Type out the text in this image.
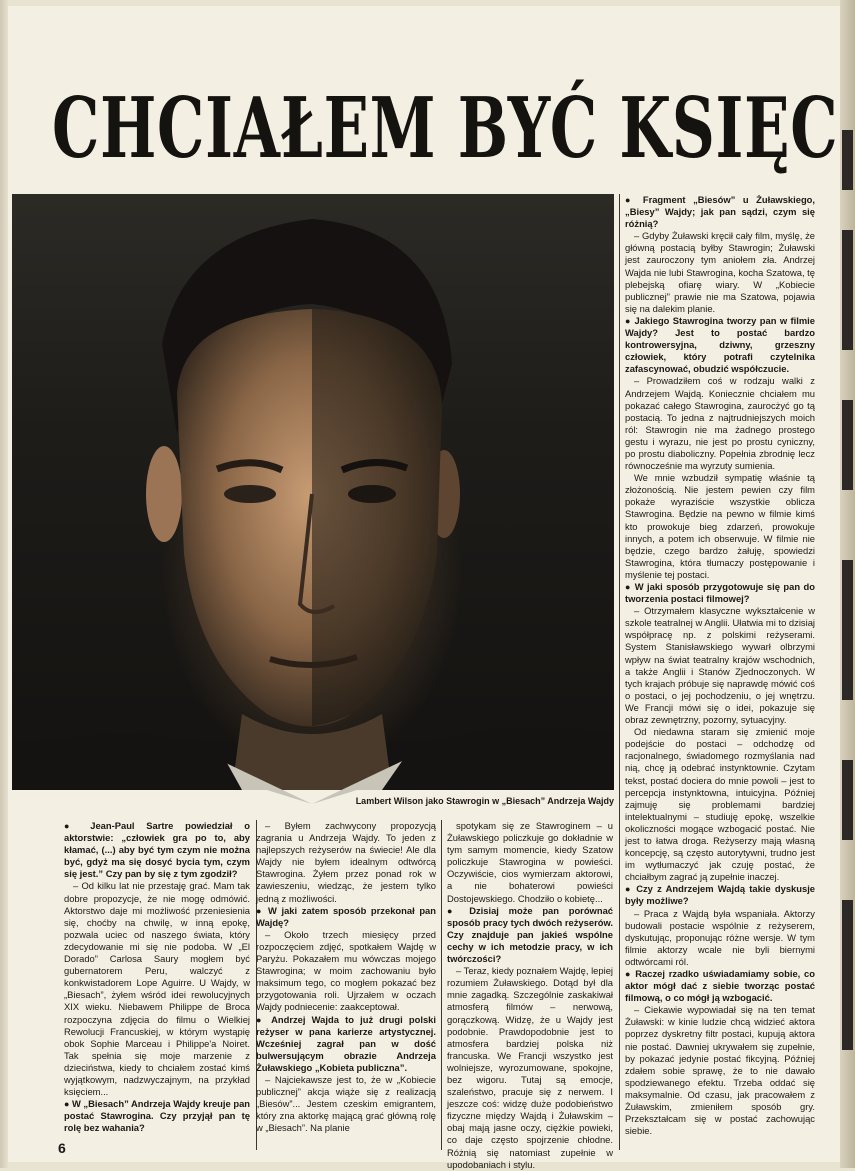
CHCIAŁEM BYĆ KSIĘC
Lambert Wilson jako Stawrogin w „Biesach” Andrzeja Wajdy

● Jean-Paul Sartre powiedział o aktorstwie: „człowiek gra po to, aby kłamać, (...) aby być tym czym nie można być, gdyż ma się dosyć bycia tym, czym się jest.” Czy pan by się z tym zgodził?

– Od kilku lat nie przestaję grać. Mam tak dobre propozycje, że nie mogę odmówić. Aktorstwo daje mi możliwość przeniesienia się, choćby na chwilę, w inną epokę, pozwala uciec od naszego świata, który zdecydowanie mi się nie podoba. W „El Dorado” Carlosa Saury mogłem być gubernatorem Peru, walczyć z konkwistadorem Lope Aguirre. U Wajdy, w „Biesach”, żyłem wśród idei rewolucyjnych XIX wieku. Niebawem Philippe de Broca rozpoczyna zdjęcia do filmu o Wielkiej Rewolucji Francuskiej, w którym wystąpię obok Sophie Marceau i Philippe'a Noiret. Tak spełnia się moje marzenie z dzieciństwa, kiedy to chciałem zostać kimś wyjątkowym, nadzwyczajnym, na przykład księciem...

● W „Biesach” Andrzeja Wajdy kreuje pan postać Stawrogina. Czy przyjął pan tę rolę bez wahania?

– Byłem zachwycony propozycją zagrania u Andrzeja Wajdy. To jeden z najlepszych reżyserów na świecie! Ale dla Wajdy nie byłem idealnym odtwórcą Stawrogina. Żyłem przez ponad rok w zawieszeniu, wiedząc, że jestem tylko jedną z możliwości.

● W jaki zatem sposób przekonał pan Wajdę?

– Około trzech miesięcy przed rozpoczęciem zdjęć, spotkałem Wajdę w Paryżu. Pokazałem mu wówczas mojego Stawrogina; w moim zachowaniu było maksimum tego, co mogłem pokazać bez przygotowania roli. Ujrzałem w oczach Wajdy podniecenie: zaakceptował.

● Andrzej Wajda to już drugi polski reżyser w pana karierze artystycznej. Wcześniej zagrał pan w dość bulwersującym obrazie Andrzeja Żuławskiego „Kobieta publiczna”.

– Najciekawsze jest to, że w „Kobiecie publicznej” akcja wiąże się z realizacją „Biesów”... Jestem czeskim emigrantem, który zna aktorkę mającą grać główną rolę w „Biesach”. Na planie

spotykam się ze Stawroginem – u Żuławskiego policzkuje go dokładnie w tym samym momencie, kiedy Szatow policzkuje Stawrogina w powieści. Oczywiście, cios wymierzam aktorowi, a nie bohaterowi powieści Dostojewskiego. Chodziło o kobietę...

● Dzisiaj może pan porównać sposób pracy tych dwóch reżyserów. Czy znajduje pan jakieś wspólne cechy w ich metodzie pracy, w ich twórczości?

– Teraz, kiedy poznałem Wajdę, lepiej rozumiem Żuławskiego. Dotąd był dla mnie zagadką. Szczególnie zaskakiwał atmosferą filmów – nerwową, gorączkową. Widzę, że u Wajdy jest podobnie. Prawdopodobnie jest to atmosfera bardziej polska niż francuska. We Francji wszystko jest wolniejsze, wyrozumowane, spokojne, bez wigoru. Tutaj są emocje, szaleństwo, pracuje się z nerwem. I jeszcze coś: widzę duże podobieństwo fizyczne między Wajdą i Żuławskim – obaj mają jasne oczy, ciężkie powieki, co daje często spojrzenie chłodne. Różnią się natomiast zupełnie w upodobaniach i stylu.

● Fragment „Biesów” u Żuławskiego, „Biesy” Wajdy; jak pan sądzi, czym się różnią?

– Gdyby Żuławski kręcił cały film, myślę, że główną postacią byłby Stawrogin; Żuławski jest zauroczony tym aniołem zła. Andrzej Wajda nie lubi Stawrogina, kocha Szatowa, tę plebejską ofiarę wiary. W „Kobiecie publicznej” prawie nie ma Szatowa, pojawia się na dalekim planie.

● Jakiego Stawrogina tworzy pan w filmie Wajdy? Jest to postać bardzo kontrowersyjna, dziwny, grzeszny człowiek, który potrafi czytelnika zafascynować, obudzić współczucie.

– Prowadziłem coś w rodzaju walki z Andrzejem Wajdą. Koniecznie chciałem mu pokazać całego Stawrogina, zaurocżyć go tą postacią. To jedna z najtrudniejszych moich ról: Stawrogin nie ma żadnego prostego gestu i wyrazu, nie jest po prostu cyniczny, po prostu diaboliczny. Popełnia zbrodnię lecz równocześnie ma wyrzuty sumienia.

We mnie wzbudził sympatię właśnie tą złożonością. Nie jestem pewien czy film pokaże wyraziście wszystkie oblicza Stawrogina. Będzie na pewno w filmie kimś kto prowokuje bieg zdarzeń, prowokuje innych, a potem ich obserwuje. W filmie nie będzie, czego bardzo żałuję, spowiedzi Stawrogina, która tłumaczy postępowanie i myślenie tej postaci.

● W jaki sposób przygotowuje się pan do tworzenia postaci filmowej?

– Otrzymałem klasyczne wykształcenie w szkole teatralnej w Anglii. Ułatwia mi to dzisiaj współpracę np. z polskimi reżyserami. System Stanisławskiego wywarł olbrzymi wpływ na świat teatralny krajów wschodnich, a także Anglii i Stanów Zjednoczonych. W tych krajach próbuje się naprawdę mówić coś o postaci, o jej pochodzeniu, o jej wnętrzu. We Francji mówi się o idei, pokazuje się obraz zewnętrzny, pozorny, sytuacyjny.

Od niedawna staram się zmienić moje podejście do postaci – odchodzę od racjonalnego, świadomego rozmyślania nad nią, chcę ją odebrać instynktownie. Czytam tekst, postać dociera do mnie powoli – jest to percepcja instynktowna, intuicyjna. Później zajmuję się problemami bardziej intelektualnymi – studiuję epokę, wszelkie okoliczności mogące wzbogacić postać. Nie jest to łatwa droga. Reżyserzy mają własną koncepcję, są często autorytywni, trudno jest im wytłumaczyć jak czuję postać, że chciałbym zagrać ją zupełnie inaczej.

● Czy z Andrzejem Wajdą takie dyskusje były możliwe?

– Praca z Wajdą była wspaniała. Aktorzy budowali postacie wspólnie z reżyserem, dyskutując, proponując różne wersje. W tym filmie aktorzy wcale nie byli biernymi odtwórcami ról.

● Raczej rzadko uświadamiamy sobie, co aktor mógł dać z siebie tworząc postać filmową, o co mógł ją wzbogacić.

– Ciekawie wypowiadał się na ten temat Żuławski: w kinie ludzie chcą widzieć aktora poprzez dyskretny filtr postaci, kupują aktora nie postać. Dawniej ukrywałem się zupełnie, by pokazać jedynie postać fikcyjną. Później zdałem sobie sprawę, że to nie dawało spodziewanego efektu. Trzeba oddać się maksymalnie. Od czasu, jak pracowałem z Żuławskim, zmieniłem sposób gry. Przekształcam się w postać zachowując siebie.

6
